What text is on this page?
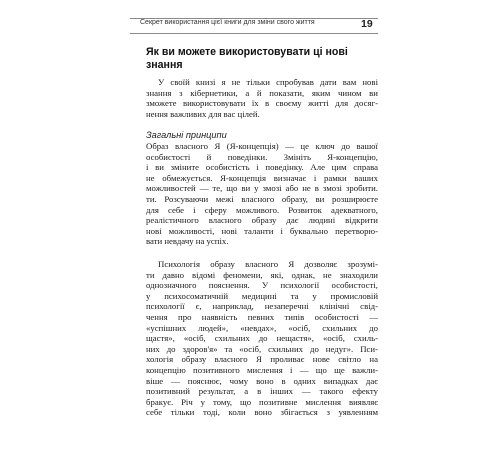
Секрет використання цієї книги для зміни свого життя	19
Як ви можете використовувати ці нові
знання
У своїй книзі я не тільки спробував дати вам нові
знання з кібернетики, а й показати, яким чином ви
зможете використовувати їх в своєму житті для досяг-
нення важливих для вас цілей.
Загальні принципи
Образ власного Я (Я-концепція) — це ключ до вашої
особистості й поведінки. Змініть Я-концепцію,
і ви зміните особистість і поведінку. Але цим справа
не обмежується. Я-концепція визначає і рамки ваших
можливостей — те, що ви у змозі або не в змозі зробити.
ти. Розсуваючи межі власного образу, ви розширюєте
для себе і сферу можливого. Розвиток адекватного,
реалістичного власного образу дає людині відкрити
нові можливості, нові таланти і буквально перетворю-
вати невдачу на успіх.
Психологія образу власного Я дозволяє зрозумі-
ти давно відомі феномени, які, однак, не знаходили
однозначного пояснення. У психології особистості,
у психосоматичній медицині та у промисловій
психології є, наприклад, незаперечні клінічні свід-
чення про наявність певних типів особистості —
«успішних людей», «невдах», «осіб, схильних до
щастя», «осіб, схильних до нещастя», «осіб, схиль-
них до здоров'я» та «осіб, схильних до недуг». Пси-
хологія образу власного Я проливає нове світло на
концепцію позитивного мислення і — що ще важли-
віше — пояснює, чому воно в одних випадках дає
позитивний результат, а в інших — такого ефекту
бракує. Річ у тому, що позитивне мислення виявляє
себе тільки тоді, коли воно збігається з уявленням
